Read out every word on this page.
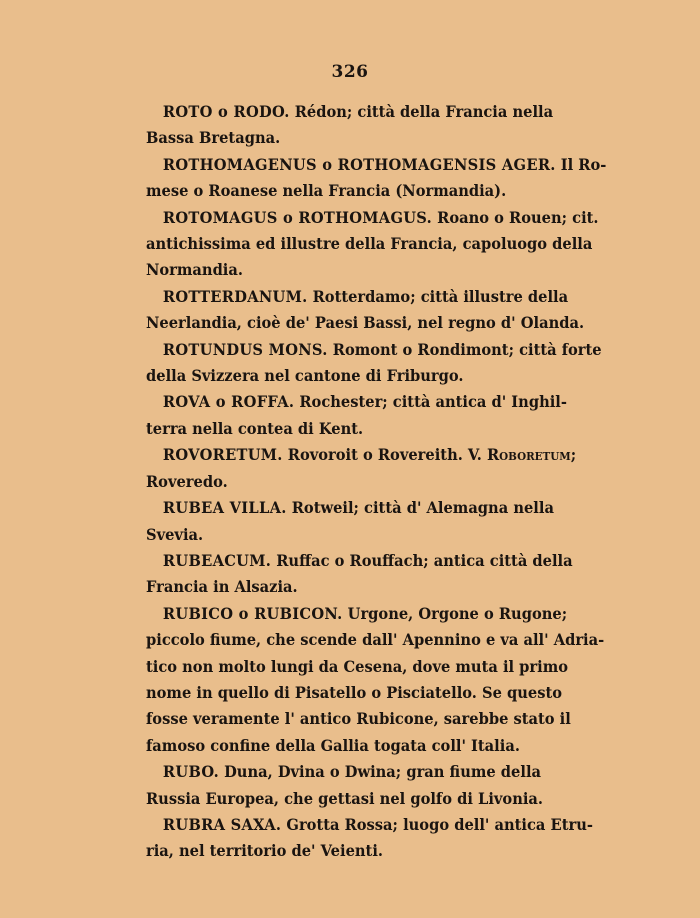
326
ROTO o RODO. Rédon; città della Francia nella
Bassa Bretagna.
ROTHOMAGENUS o ROTHOMAGENSIS AGER. Il Ro-
mese o Roanese nella Francia (Normandia).
ROTOMAGUS o ROTHOMAGUS. Roano o Rouen; cit.
antichissima ed illustre della Francia, capoluogo della
Normandia.
ROTTERDANUM. Rotterdamo; città illustre della
Neerlandia, cioè de' Paesi Bassi, nel regno d' Olanda.
ROTUNDUS MONS. Romont o Rondimont; città forte
della Svizzera nel cantone di Friburgo.
ROVA o ROFFA. Rochester; città antica d' Inghil-
terra nella contea di Kent.
ROVORETUM. Rovoroit o Rovereith. V. Roboretum;
Roveredo.
RUBEA VILLA. Rotweil; città d' Alemagna nella
Svevia.
RUBEACUM. Ruffac o Rouffach; antica città della
Francia in Alsazia.
RUBICO o RUBICON. Urgone, Orgone o Rugone;
piccolo fiume, che scende dall' Apennino e va all' Adria-
tico non molto lungi da Cesena, dove muta il primo
nome in quello di Pisatello o Pisciatello. Se questo
fosse veramente l' antico Rubicone, sarebbe stato il
famoso confine della Gallia togata coll' Italia.
RUBO. Duna, Dvina o Dwina; gran fiume della
Russia Europea, che gettasi nel golfo di Livonia.
RUBRA SAXA. Grotta Rossa; luogo dell' antica Etru-
ria, nel territorio de' Veienti.
